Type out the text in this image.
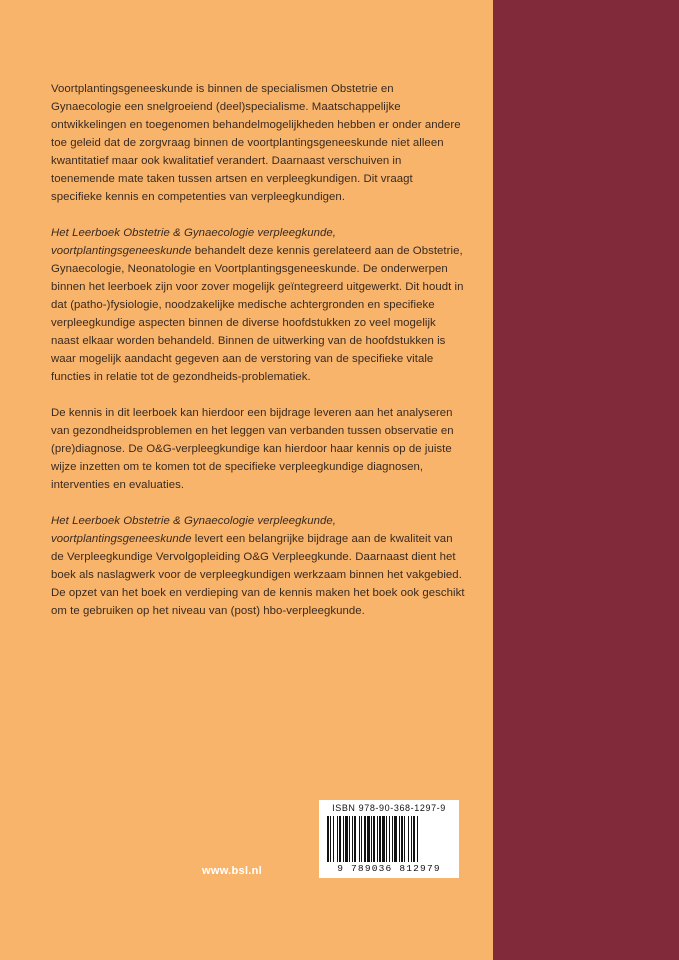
Voortplantingsgeneeskunde is binnen de specialismen Obstetrie en Gynaecologie een snelgroeiend (deel)specialisme. Maatschappelijke ontwikkelingen en toegenomen behandelmogelijkheden hebben er onder andere toe geleid dat de zorgvraag binnen de voortplantingsgeneeskunde niet alleen kwantitatief maar ook kwalitatief verandert. Daarnaast verschuiven in toenemende mate taken tussen artsen en verpleegkundigen. Dit vraagt specifieke kennis en competenties van verpleegkundigen.

Het Leerboek Obstetrie & Gynaecologie verpleegkunde, voortplantingsgeneeskunde behandelt deze kennis gerelateerd aan de Obstetrie, Gynaecologie, Neonatologie en Voortplantingsgeneeskunde. De onderwerpen binnen het leerboek zijn voor zover mogelijk geïntegreerd uitgewerkt. Dit houdt in dat (patho-)fysiologie, noodzakelijke medische achtergronden en specifieke verpleegkundige aspecten binnen de diverse hoofdstukken zo veel mogelijk naast elkaar worden behandeld. Binnen de uitwerking van de hoofdstukken is waar mogelijk aandacht gegeven aan de verstoring van de specifieke vitale functies in relatie tot de gezondheids-problematiek.

De kennis in dit leerboek kan hierdoor een bijdrage leveren aan het analyseren van gezondheidsproblemen en het leggen van verbanden tussen observatie en (pre)diagnose. De O&G-verpleegkundige kan hierdoor haar kennis op de juiste wijze inzetten om te komen tot de specifieke verpleegkundige diagnosen, interventies en evaluaties.

Het Leerboek Obstetrie & Gynaecologie verpleegkunde, voortplantingsgeneeskunde levert een belangrijke bijdrage aan de kwaliteit van de Verpleegkundige Vervolgopleiding O&G Verpleegkunde. Daarnaast dient het boek als naslagwerk voor de verpleegkundigen werkzaam binnen het vakgebied. De opzet van het boek en verdieping van de kennis maken het boek ook geschikt om te gebruiken op het niveau van (post) hbo-verpleegkunde.

www.bsl.nl
ISBN 978-90-368-1297-9
9 789036 812979
